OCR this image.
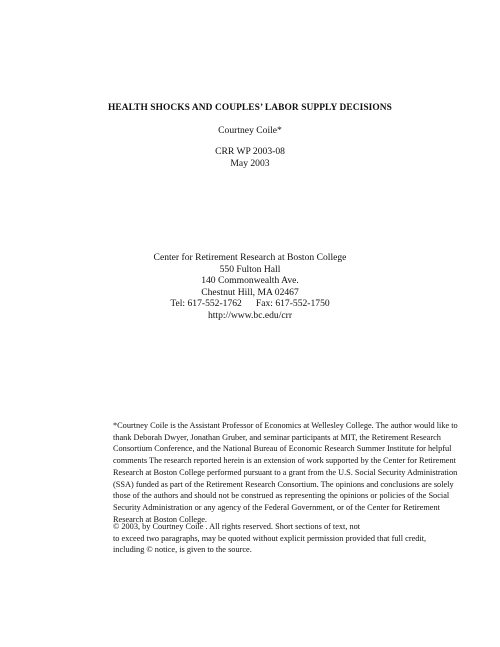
HEALTH SHOCKS AND COUPLES’ LABOR SUPPLY DECISIONS
Courtney Coile*
CRR WP 2003-08
May 2003
Center for Retirement Research at Boston College
550 Fulton Hall
140 Commonwealth Ave.
Chestnut Hill, MA 02467
Tel: 617-552-1762 Fax: 617-552-1750
http://www.bc.edu/crr
*Courtney Coile is the Assistant Professor of Economics at Wellesley College. The author would like to
thank Deborah Dwyer, Jonathan Gruber, and seminar participants at MIT, the Retirement Research
Consortium Conference, and the National Bureau of Economic Research Summer Institute for helpful
comments The research reported herein is an extension of work supported by the Center for Retirement
Research at Boston College performed pursuant to a grant from the U.S. Social Security Administration
(SSA) funded as part of the Retirement Research Consortium. The opinions and conclusions are solely
those of the authors and should not be construed as representing the opinions or policies of the Social
Security Administration or any agency of the Federal Government, or of the Center for Retirement
Research at Boston College.
© 2003, by Courtney Coile . All rights reserved. Short sections of text, not
to exceed two paragraphs, may be quoted without explicit permission provided that full credit,
including © notice, is given to the source.
